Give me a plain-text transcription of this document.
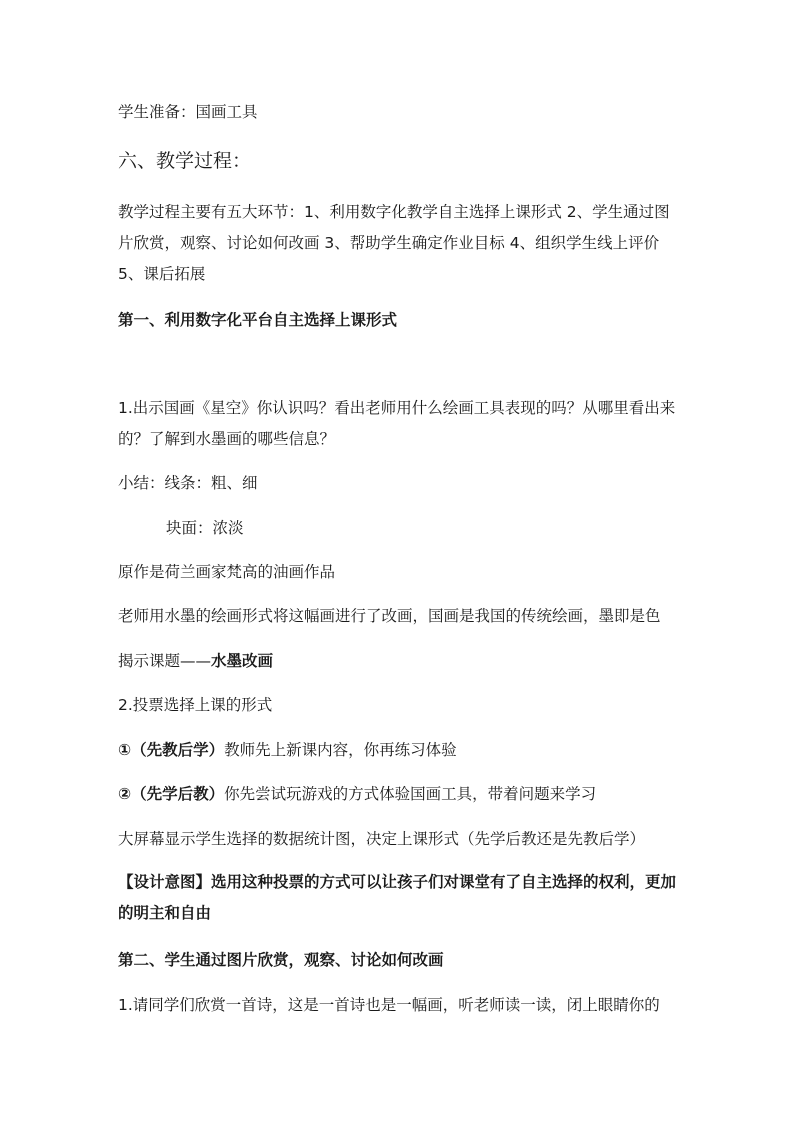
学生准备：国画工具
六、教学过程：
教学过程主要有五大环节：1、利用数字化教学自主选择上课形式 2、学生通过图片欣赏，观察、讨论如何改画 3、帮助学生确定作业目标 4、组织学生线上评价 5、课后拓展
第一、利用数字化平台自主选择上课形式
1.出示国画《星空》你认识吗？看出老师用什么绘画工具表现的吗？从哪里看出来的？了解到水墨画的哪些信息？
小结：线条：粗、细
块面：浓淡
原作是荷兰画家梵高的油画作品
老师用水墨的绘画形式将这幅画进行了改画，国画是我国的传统绘画，墨即是色
揭示课题——水墨改画
2.投票选择上课的形式
①（先教后学）教师先上新课内容，你再练习体验
②（先学后教）你先尝试玩游戏的方式体验国画工具，带着问题来学习
大屏幕显示学生选择的数据统计图，决定上课形式（先学后教还是先教后学）
【设计意图】选用这种投票的方式可以让孩子们对课堂有了自主选择的权利，更加的明主和自由
第二、学生通过图片欣赏，观察、讨论如何改画
1.请同学们欣赏一首诗，这是一首诗也是一幅画，听老师读一读，闭上眼睛你的
